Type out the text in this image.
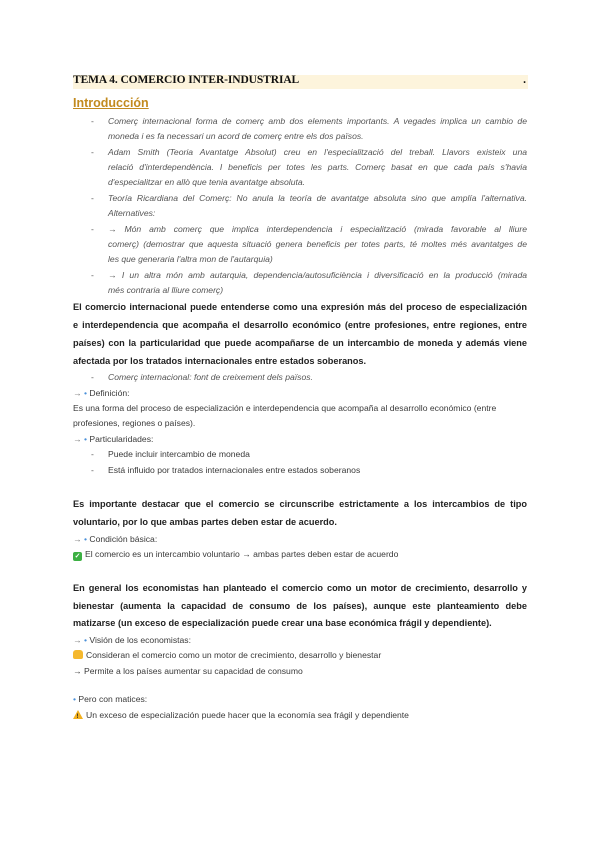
TEMA 4. COMERCIO INTER-INDUSTRIAL	.
Introducción
- Comerç internacional forma de comerç amb dos elements importants. A vegades implica un cambio de
moneda i es fa necessari un acord de comerç entre els dos països.
- Adam Smith (Teoria Avantatge Absolut) creu en l'especialització del treball. Llavors existeix una
relació d'interdependència. I beneficis per totes les parts. Comerç basat en que cada país s'havia
d'especialitzar en allò que tenia avantatge absoluta.
- Teoría Ricardiana del Comerç: No anula la teoría de avantatge absoluta sino que amplía l'alternativa.
Alternatives:
- → Món amb comerç que implica interdependencia i especialització (mirada favorable al lliure
comerç) (demostrar que aquesta situació genera beneficis per totes parts, té moltes més avantatges de
les que generaria l'altra mon de l'autarquia)
- → I un altra món amb autarquia, dependencia/autosuficiència i diversificació en la producció (mirada
més contraria al lliure comerç)
El comercio internacional puede entenderse como una expresión más del proceso de especialización
e interdependencia que acompaña el desarrollo económico (entre profesiones, entre regiones, entre
países) con la particularidad que puede acompañarse de un intercambio de moneda y además viene
afectada por los tratados internacionales entre estados soberanos.
- Comerç internacional: font de creixement dels països.
→ • Definición:
Es una forma del proceso de especialización e interdependencia que acompaña al desarrollo económico (entre
profesiones, regiones o países).
→ • Particularidades:
- Puede incluir intercambio de moneda
- Está influido por tratados internacionales entre estados soberanos
Es importante destacar que el comercio se circunscribe estrictamente a los intercambios de tipo
voluntario, por lo que ambas partes deben estar de acuerdo.
→ • Condición básica:
✓ El comercio es un intercambio voluntario → ambas partes deben estar de acuerdo
En general los economistas han planteado el comercio como un motor de crecimiento, desarrollo y
bienestar (aumenta la capacidad de consumo de los países), aunque este planteamiento debe
matizarse (un exceso de especialización puede crear una base económica frágil y dependiente).
→ • Visión de los economistas:
Consideran el comercio como un motor de crecimiento, desarrollo y bienestar
→ Permite a los países aumentar su capacidad de consumo
• Pero con matices:
!Un exceso de especialización puede hacer que la economía sea frágil y dependiente
